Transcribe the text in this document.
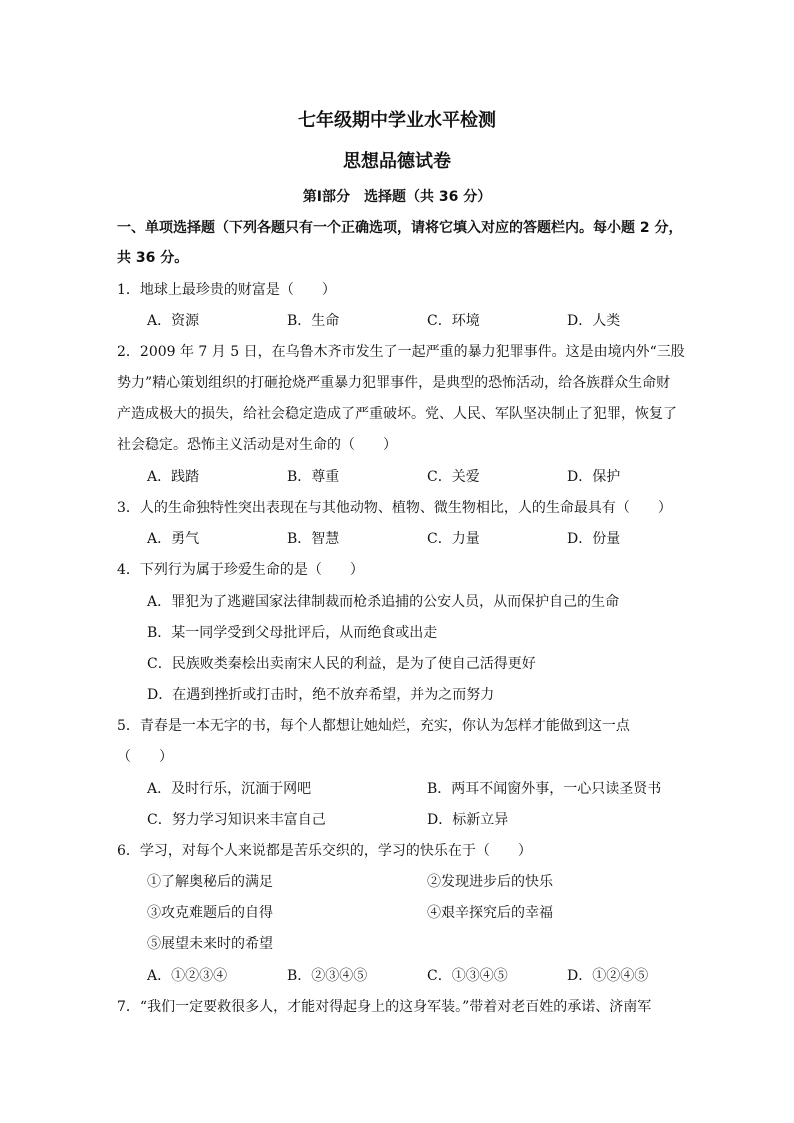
七年级期中学业水平检测
思想品德试卷
第Ⅰ部分　选择题（共 36 分）
一、单项选择题（下列各题只有一个正确选项，请将它填入对应的答题栏内。每小题 2 分，
共 36 分。
1．地球上最珍贵的财富是（　　）
A．资源	B．生命	C．环境	D．人类
2．2009 年 7 月 5 日，在乌鲁木齐市发生了一起严重的暴力犯罪事件。这是由境内外“三股
势力”精心策划组织的打砸抢烧严重暴力犯罪事件，是典型的恐怖活动，给各族群众生命财
产造成极大的损失，给社会稳定造成了严重破坏。党、人民、军队坚决制止了犯罪，恢复了
社会稳定。恐怖主义活动是对生命的（　　）
A．践踏	B．尊重	C．关爱	D．保护
3．人的生命独特性突出表现在与其他动物、植物、微生物相比，人的生命最具有（　　）
A．勇气	B．智慧	C．力量	D．份量
4．下列行为属于珍爱生命的是（　　）
A．罪犯为了逃避国家法律制裁而枪杀追捕的公安人员，从而保护自己的生命
B．某一同学受到父母批评后，从而绝食或出走
C．民族败类秦桧出卖南宋人民的利益，是为了使自己活得更好
D．在遇到挫折或打击时，绝不放弃希望，并为之而努力
5．青春是一本无字的书，每个人都想让她灿烂，充实，你认为怎样才能做到这一点
（　　）
A．及时行乐，沉湎于网吧	B．两耳不闻窗外事，一心只读圣贤书
C．努力学习知识来丰富自己	D．标新立异
6．学习，对每个人来说都是苦乐交织的，学习的快乐在于（　　）
①了解奥秘后的满足	②发现进步后的快乐
③攻克难题后的自得	④艰辛探究后的幸福
⑤展望未来时的希望
A．①②③④	B．②③④⑤	C．①③④⑤	D．①②④⑤
7．“我们一定要救很多人，才能对得起身上的这身军装。”带着对老百姓的承诺、济南军
